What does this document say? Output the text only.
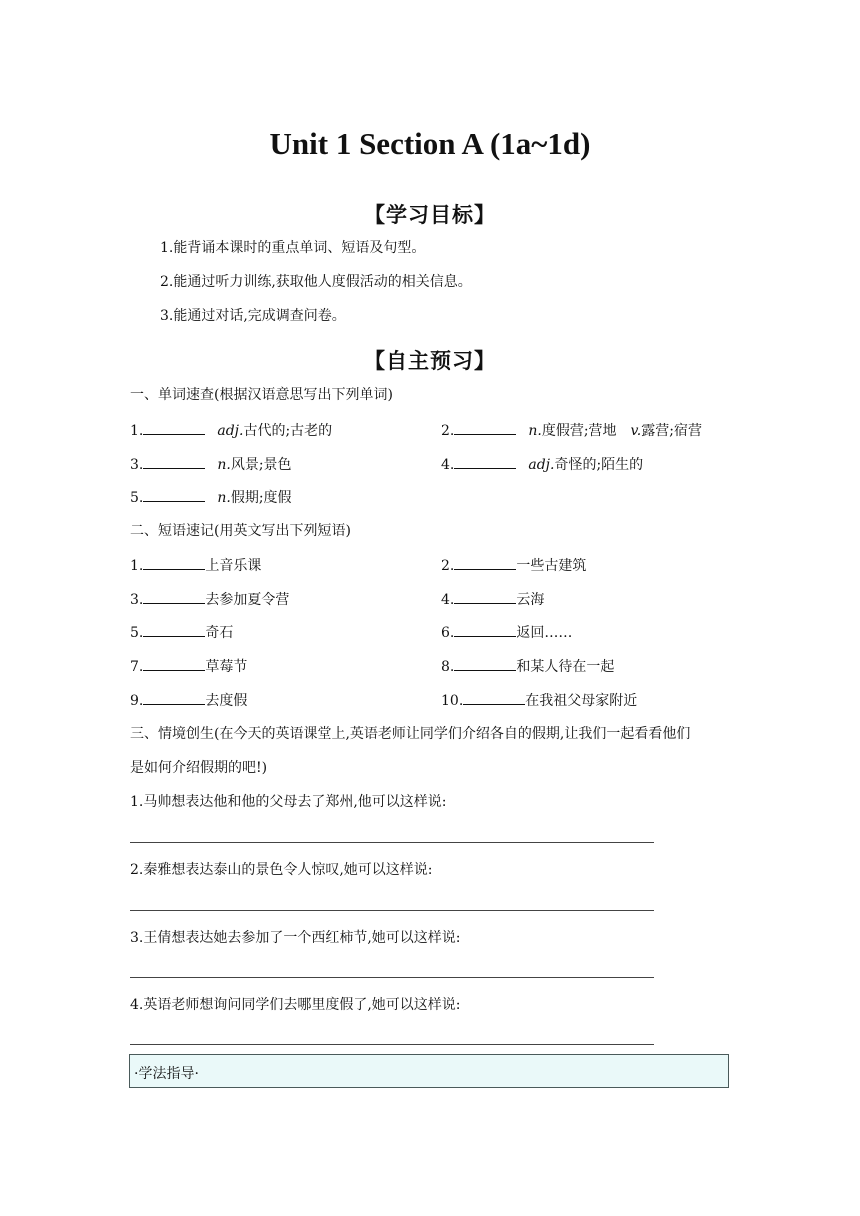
Unit 1 Section A (1a~1d)
【学习目标】
1.能背诵本课时的重点单词、短语及句型。
2.能通过听力训练,获取他人度假活动的相关信息。
3.能通过对话,完成调查问卷。
【自主预习】
一、单词速查(根据汉语意思写出下列单词)
1.	adj.古代的;古老的	2.	n.度假营;营地 v.露营;宿营
3.	n.风景;景色	4.	adj.奇怪的;陌生的
5.	n.假期;度假
二、短语速记(用英文写出下列短语)
1.	上音乐课	2.	一些古建筑
3.	去参加夏令营	4.	云海
5.	奇石	6.	返回……
7.	草莓节	8.	和某人待在一起
9.	去度假	10.	在我祖父母家附近
三、情境创生(在今天的英语课堂上,英语老师让同学们介绍各自的假期,让我们一起看看他们
是如何介绍假期的吧!)
1.马帅想表达他和他的父母去了郑州,他可以这样说:
2.秦雅想表达泰山的景色令人惊叹,她可以这样说:
3.王倩想表达她去参加了一个西红柿节,她可以这样说:
4.英语老师想询问同学们去哪里度假了,她可以这样说:
·学法指导·
